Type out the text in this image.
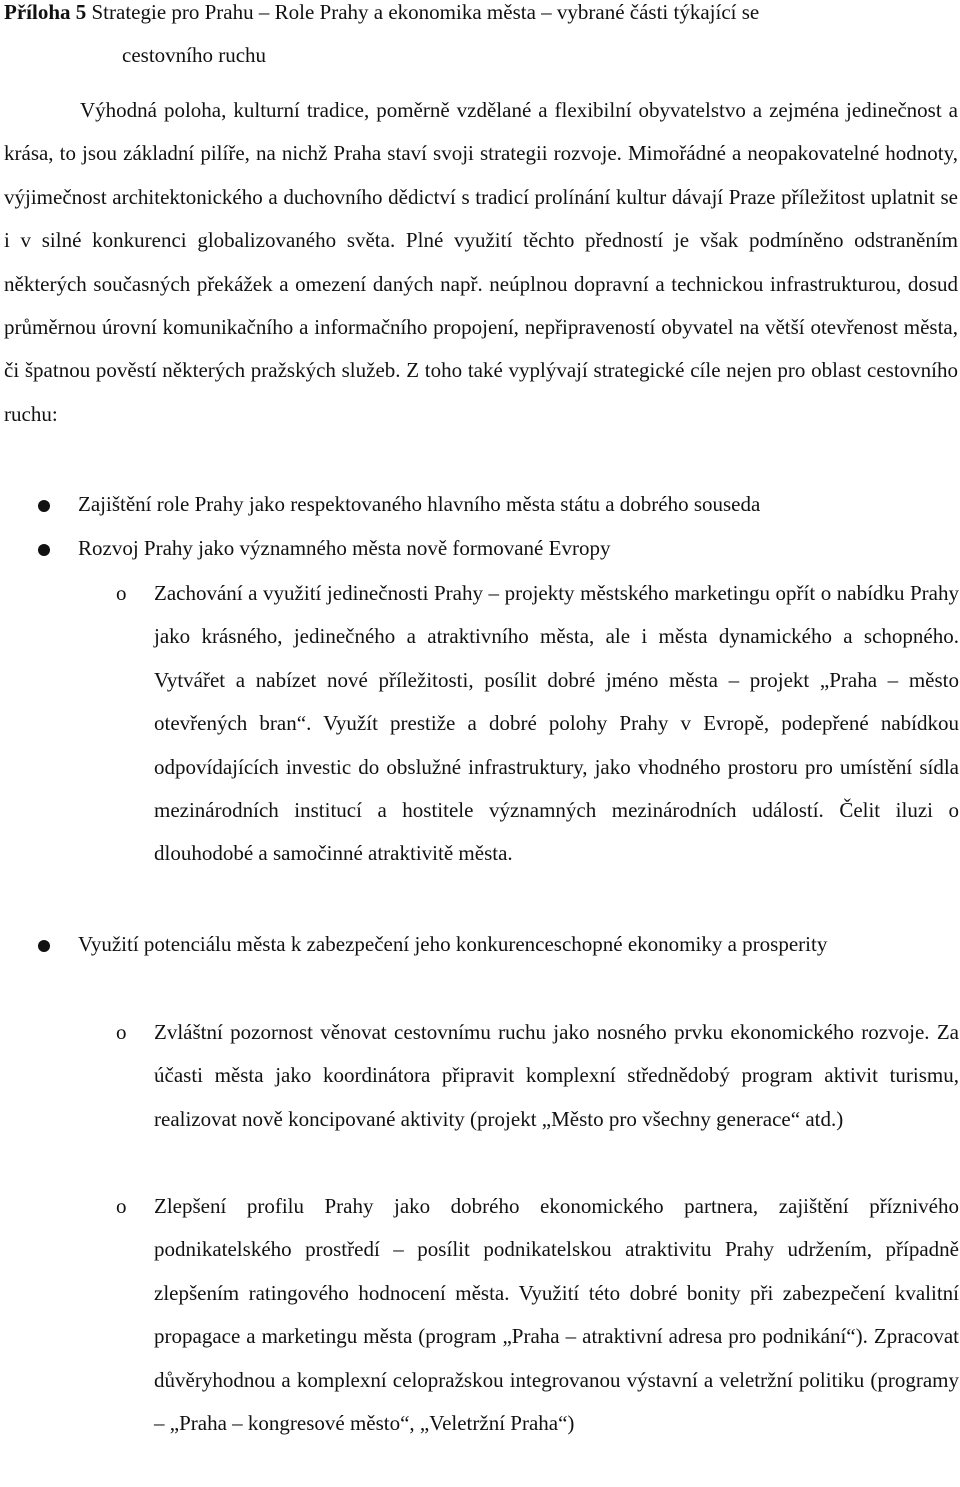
Příloha 5 Strategie pro Prahu – Role Prahy a ekonomika města – vybrané části týkající se
cestovního ruchu

Výhodná poloha, kulturní tradice, poměrně vzdělané a flexibilní obyvatelstvo a zejména jedinečnost a krása, to jsou základní pilíře, na nichž Praha staví svoji strategii rozvoje. Mimořádné a neopakovatelné hodnoty, výjimečnost architektonického a duchovního dědictví s tradicí prolínání kultur dávají Praze příležitost uplatnit se i v silné konkurenci globalizovaného světa. Plné využití těchto předností je však podmíněno odstraněním některých současných překážek a omezení daných např. neúplnou dopravní a technickou infrastrukturou, dosud průměrnou úrovní komunikačního a informačního propojení, nepřipraveností obyvatel na větší otevřenost města, či špatnou pověstí některých pražských služeb. Z toho také vyplývají strategické cíle nejen pro oblast cestovního ruchu:

Zajištění role Prahy jako respektovaného hlavního města státu a dobrého souseda

Rozvoj Prahy jako významného města nově formované Evropy

o Zachování a využití jedinečnosti Prahy – projekty městského marketingu opřít o nabídku Prahy jako krásného, jedinečného a atraktivního města, ale i města dynamického a schopného. Vytvářet a nabízet nové příležitosti, posílit dobré jméno města – projekt „Praha – město otevřených bran“. Využít prestiže a dobré polohy Prahy v Evropě, podepřené nabídkou odpovídajících investic do obslužné infrastruktury, jako vhodného prostoru pro umístění sídla mezinárodních institucí a hostitele významných mezinárodních událostí. Čelit iluzi o dlouhodobé a samočinné atraktivitě města.

Využití potenciálu města k zabezpečení jeho konkurenceschopné ekonomiky a prosperity

o Zvláštní pozornost věnovat cestovnímu ruchu jako nosného prvku ekonomického rozvoje. Za účasti města jako koordinátora připravit komplexní střednědobý program aktivit turismu, realizovat nově koncipované aktivity (projekt „Město pro všechny generace“ atd.)

o Zlepšení profilu Prahy jako dobrého ekonomického partnera, zajištění příznivého podnikatelského prostředí – posílit podnikatelskou atraktivitu Prahy udržením, případně zlepšením ratingového hodnocení města. Využití této dobré bonity při zabezpečení kvalitní propagace a marketingu města (program „Praha – atraktivní adresa pro podnikání“). Zpracovat důvěryhodnou a komplexní celopražskou integrovanou výstavní a veletržní politiku (programy – „Praha – kongresové město“, „Veletržní Praha“)
